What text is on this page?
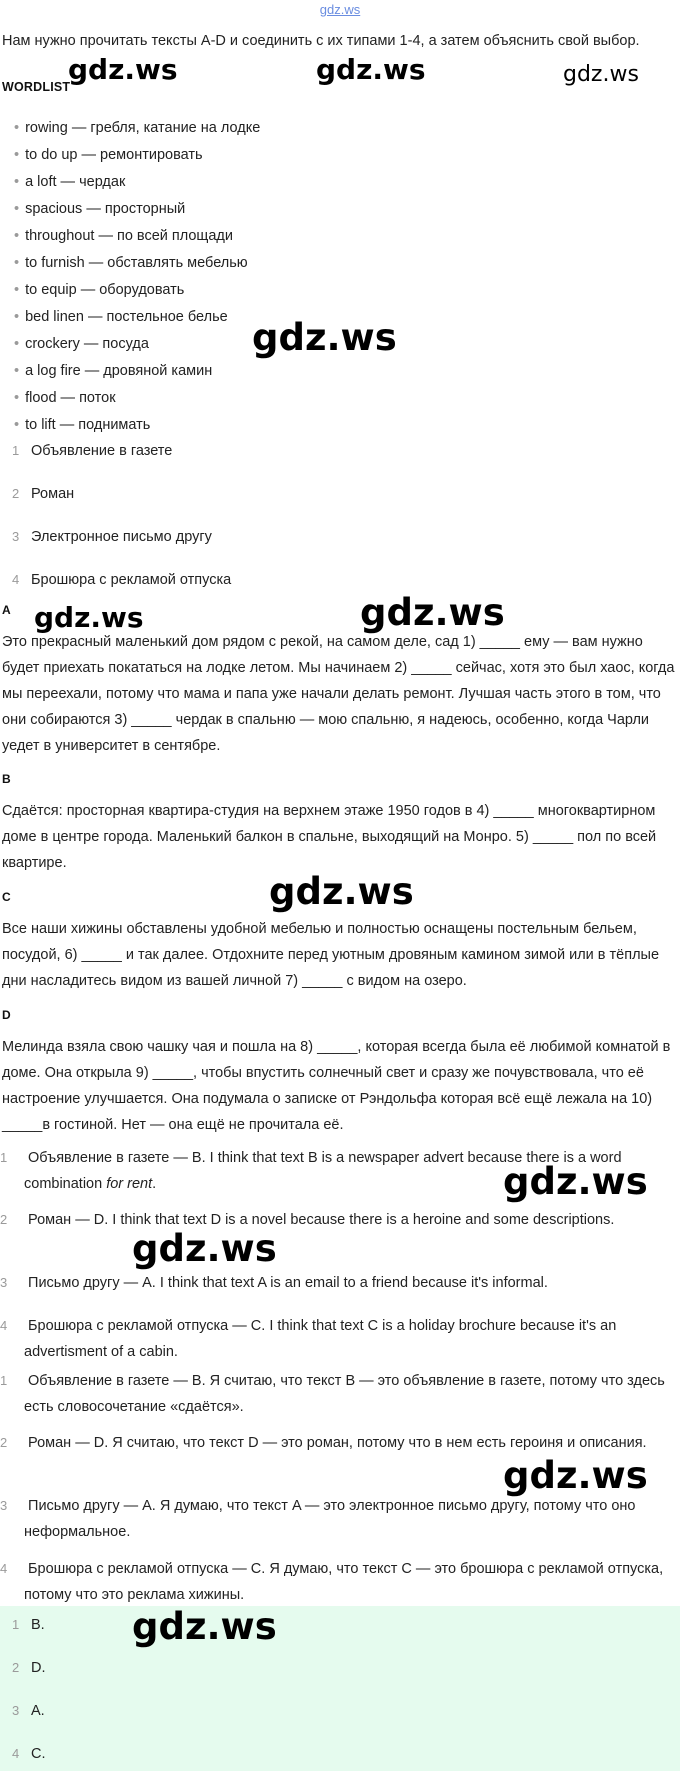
gdz.ws
Нам нужно прочитать тексты A-D и соединить с их типами 1-4, а затем объяснить свой выбор.
WORDLIST
• rowing — гребля, катание на лодке
• to do up — ремонтировать
• a loft — чердак
• spacious — просторный
• throughout — по всей площади
• to furnish — обставлять мебелью
• to equip — оборудовать
• bed linen — постельное белье
• crockery — посуда
• a log fire — дровяной камин
• flood — поток
• to lift — поднимать
1 Объявление в газете
2 Роман
3 Электронное письмо другу
4 Брошюра с рекламой отпуска
A
Это прекрасный маленький дом рядом с рекой, на самом деле, сад 1) _____ ему — вам нужно будет приехать покататься на лодке летом. Мы начинаем 2) _____ сейчас, хотя это был хаос, когда мы переехали, потому что мама и папа уже начали делать ремонт. Лучшая часть этого в том, что они собираются 3) _____ чердак в спальню — мою спальню, я надеюсь, особенно, когда Чарли уедет в университет в сентябре.
B
Сдаётся: просторная квартира-студия на верхнем этаже 1950 годов в 4) _____ многоквартирном доме в центре города. Маленький балкон в спальне, выходящий на Монро. 5) _____ пол по всей квартире.
C
Все наши хижины обставлены удобной мебелью и полностью оснащены постельным бельем, посудой, 6) _____ и так далее. Отдохните перед уютным дровяным камином зимой или в тёплые дни насладитесь видом из вашей личной 7) _____ с видом на озеро.
D
Мелинда взяла свою чашку чая и пошла на 8) _____, которая всегда была её любимой комнатой в доме. Она открыла 9) _____, чтобы впустить солнечный свет и сразу же почувствовала, что её настроение улучшается. Она подумала о записке от Рэндольфа которая всё ещё лежала на 10) _____в гостиной. Нет — она ещё не прочитала её.
1 Объявление в газете — B. I think that text B is a newspaper advert because there is a word combination for rent.
2 Роман — D. I think that text D is a novel because there is a heroine and some descriptions.
3 Письмо другу — A. I think that text A is an email to a friend because it's informal.
4 Брошюра с рекламой отпуска — C. I think that text C is a holiday brochure because it's an advertisment of a cabin.
1 Объявление в газете — B. Я считаю, что текст B — это объявление в газете, потому что здесь есть словосочетание «сдаётся».
2 Роман — D. Я считаю, что текст D — это роман, потому что в нем есть героиня и описания.
3 Письмо другу — A. Я думаю, что текст A — это электронное письмо другу, потому что оно неформальное.
4 Брошюра с рекламой отпуска — C. Я думаю, что текст C — это брошюра с рекламой отпуска, потому что это реклама хижины.
1 B.
2 D.
3 A.
4 C.
gdz.ws	gdz.ws	gdz.ws
gdz.ws
gdz.ws	gdz.ws
gdz.ws
gdz.ws
gdz.ws
gdz.ws
gdz.ws
